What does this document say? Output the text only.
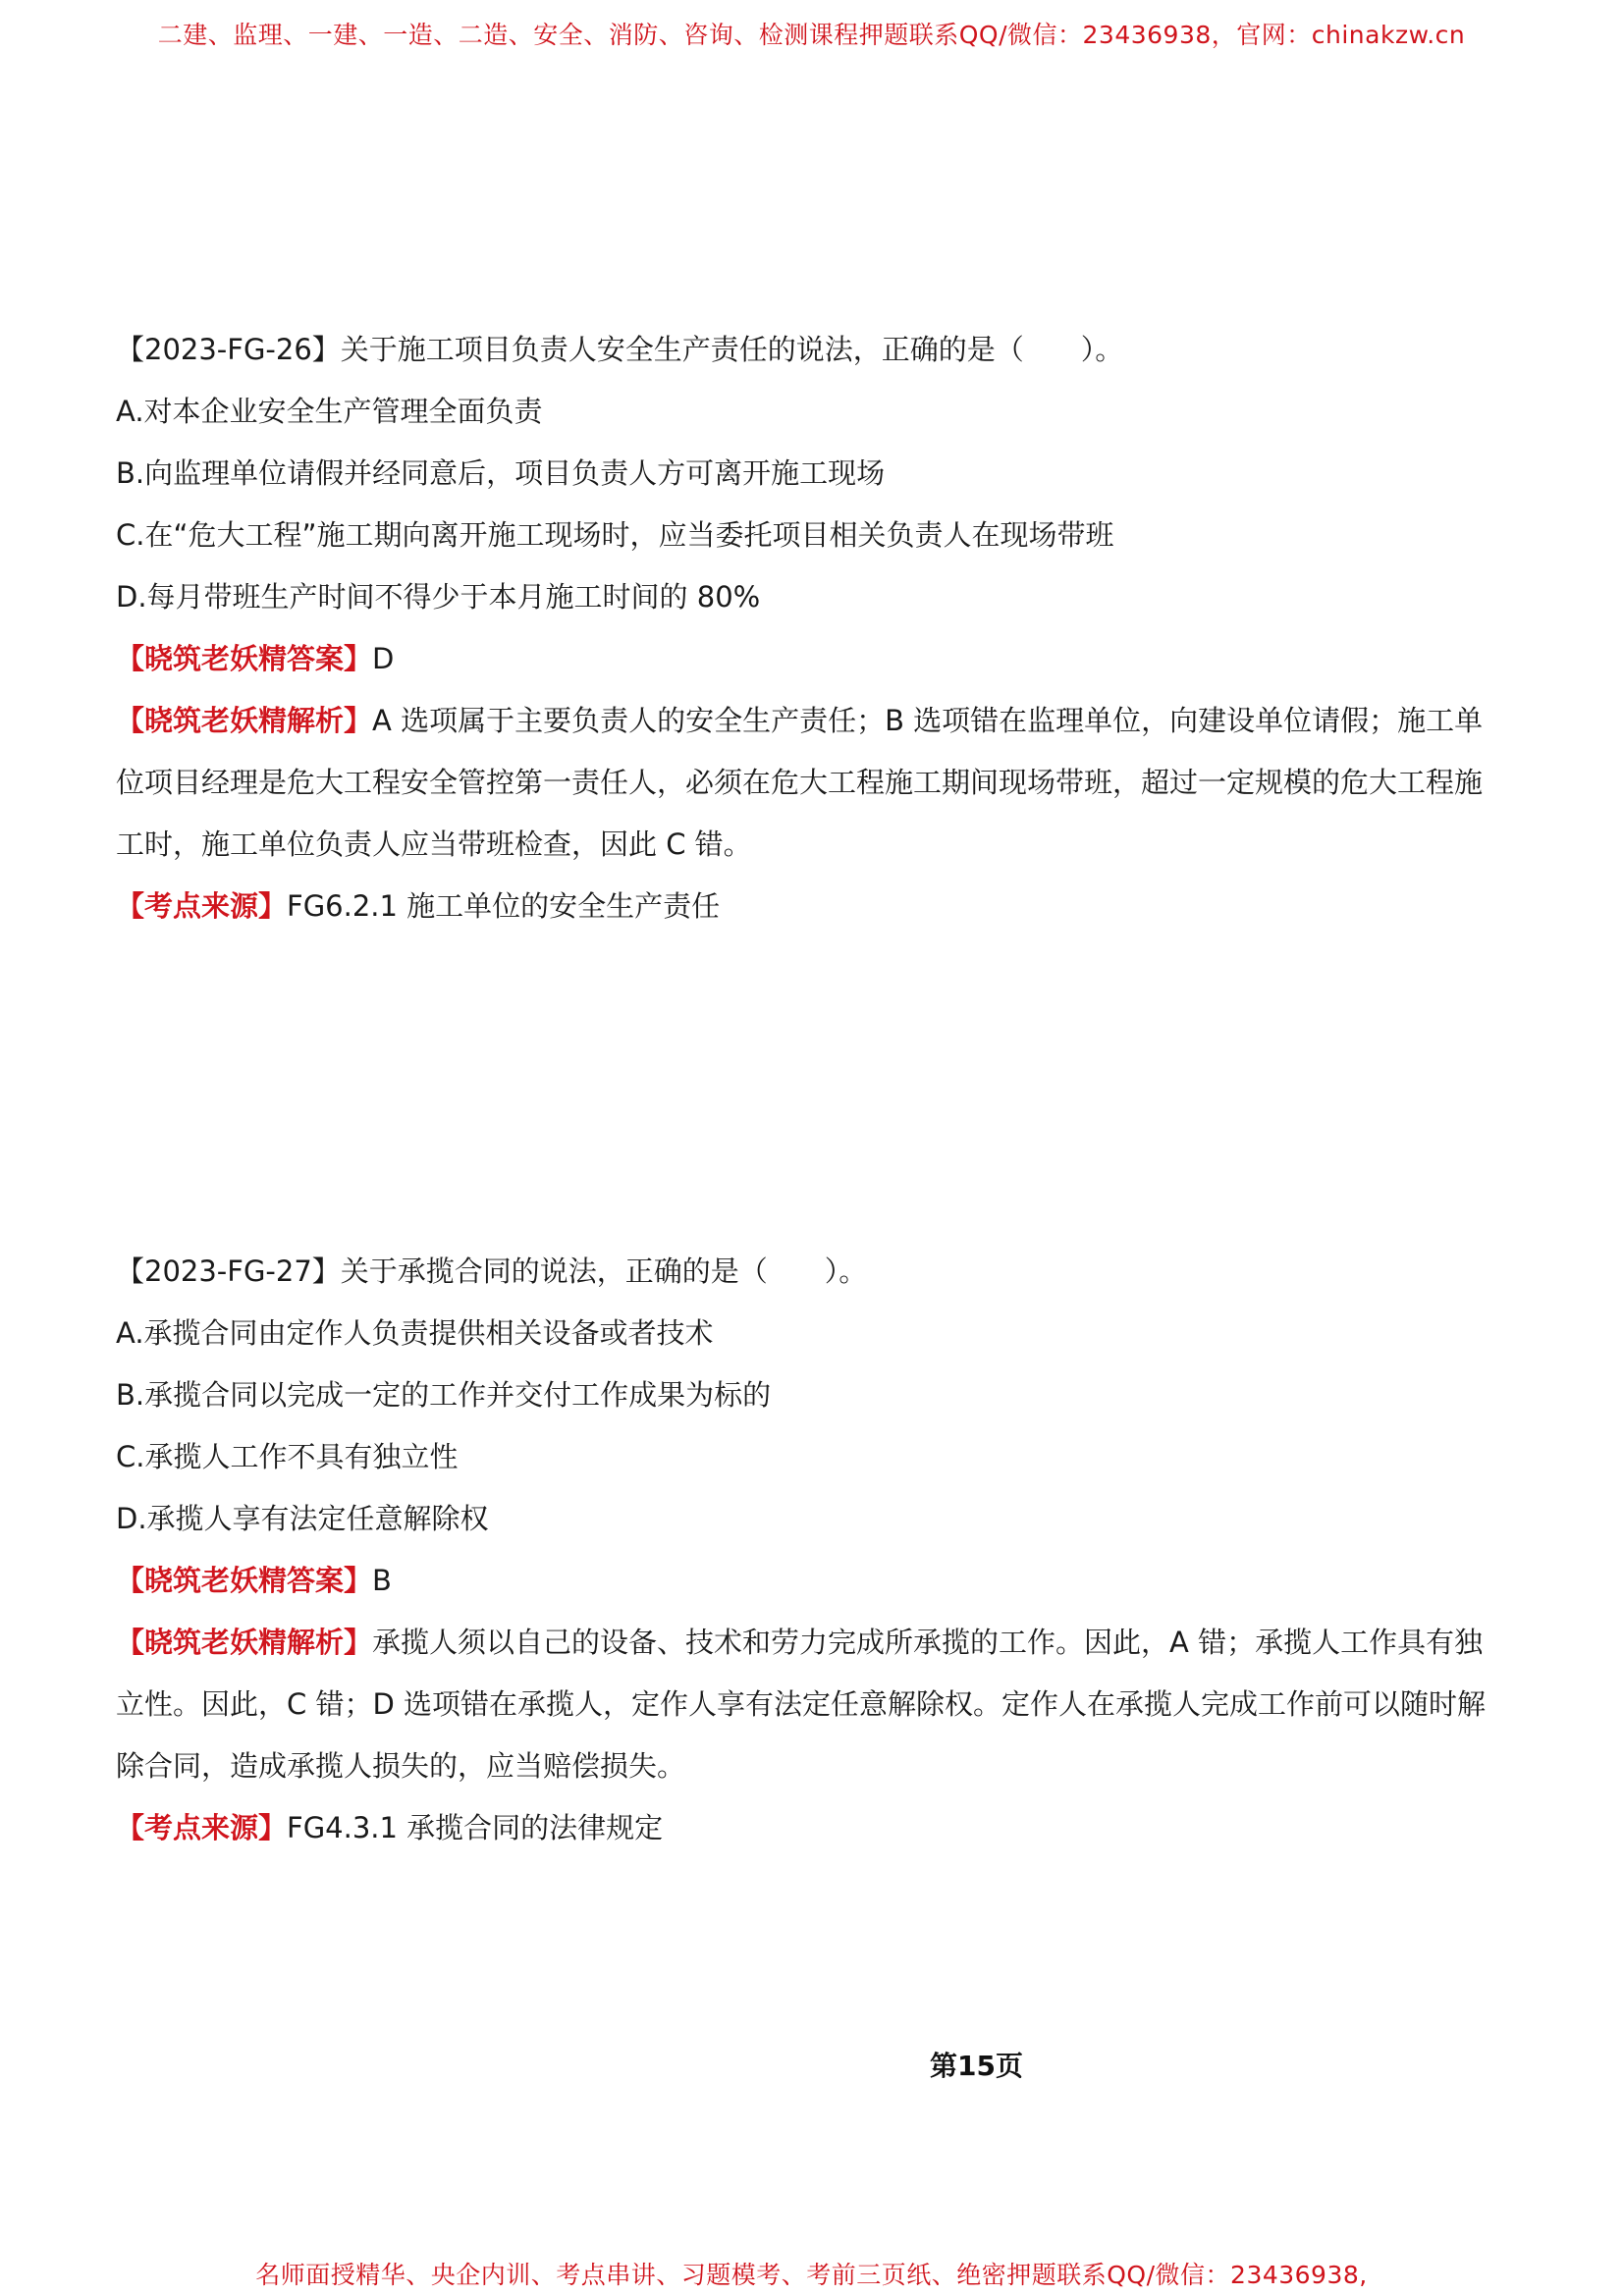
二建、监理、一建、一造、二造、安全、消防、咨询、检测课程押题联系QQ/微信：23436938，官网：chinakzw.cn
【2023-FG-26】关于施工项目负责人安全生产责任的说法，正确的是（　　）。
A.对本企业安全生产管理全面负责
B.向监理单位请假并经同意后，项目负责人方可离开施工现场
C.在“危大工程”施工期向离开施工现场时，应当委托项目相关负责人在现场带班
D.每月带班生产时间不得少于本月施工时间的 80%
【晓筑老妖精答案】D
【晓筑老妖精解析】A 选项属于主要负责人的安全生产责任；B 选项错在监理单位，向建设单位请假；施工单位项目经理是危大工程安全管控第一责任人，必须在危大工程施工期间现场带班，超过一定规模的危大工程施工时，施工单位负责人应当带班检查，因此 C 错。
【考点来源】FG6.2.1 施工单位的安全生产责任
【2023-FG-27】关于承揽合同的说法，正确的是（　　）。
A.承揽合同由定作人负责提供相关设备或者技术
B.承揽合同以完成一定的工作并交付工作成果为标的
C.承揽人工作不具有独立性
D.承揽人享有法定任意解除权
【晓筑老妖精答案】B
【晓筑老妖精解析】承揽人须以自己的设备、技术和劳力完成所承揽的工作。因此，A 错；承揽人工作具有独立性。因此，C 错；D 选项错在承揽人，定作人享有法定任意解除权。定作人在承揽人完成工作前可以随时解除合同，造成承揽人损失的，应当赔偿损失。
【考点来源】FG4.3.1 承揽合同的法律规定
第15页
名师面授精华、央企内训、考点串讲、习题模考、考前三页纸、绝密押题联系QQ/微信：23436938,
